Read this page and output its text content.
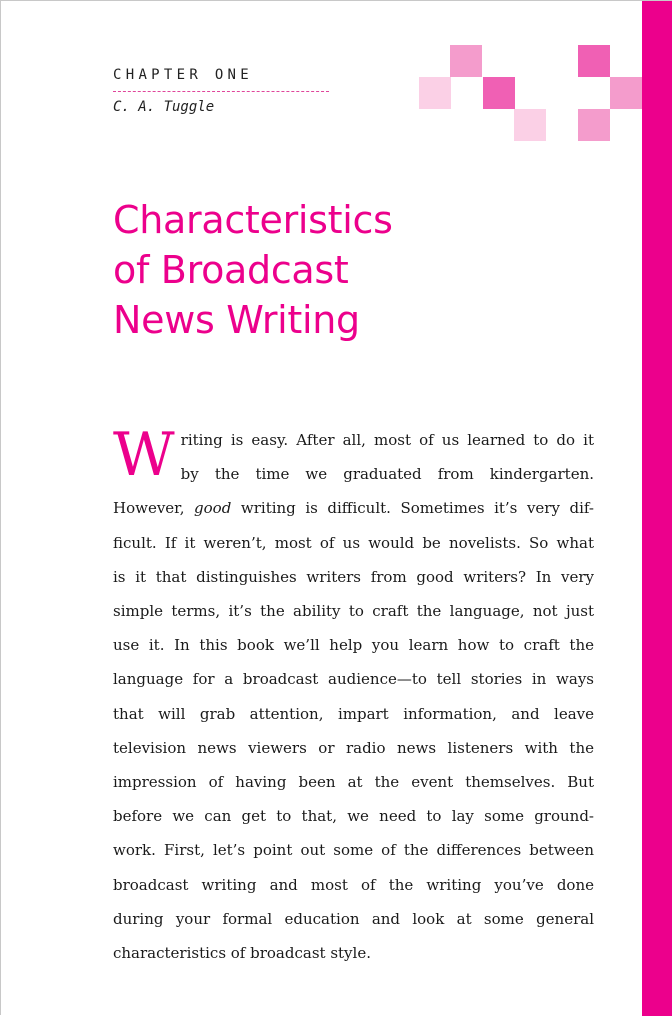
CHAPTER ONE
C. A. Tuggle
Characteristics
of Broadcast
News Writing
W riting is easy. After all, most of us learned to do it
by the time we graduated from kindergarten.
However, good writing is difficult. Sometimes it’s very dif-
ficult. If it weren’t, most of us would be novelists. So what
is it that distinguishes writers from good writers? In very
simple terms, it’s the ability to craft the language, not just
use it. In this book we’ll help you learn how to craft the
language for a broadcast audience—to tell stories in ways
that will grab attention, impart information, and leave
television news viewers or radio news listeners with the
impression of having been at the event themselves. But
before we can get to that, we need to lay some ground-
work. First, let’s point out some of the differences between
broadcast writing and most of the writing you’ve done
during your formal education and look at some general
characteristics of broadcast style.
